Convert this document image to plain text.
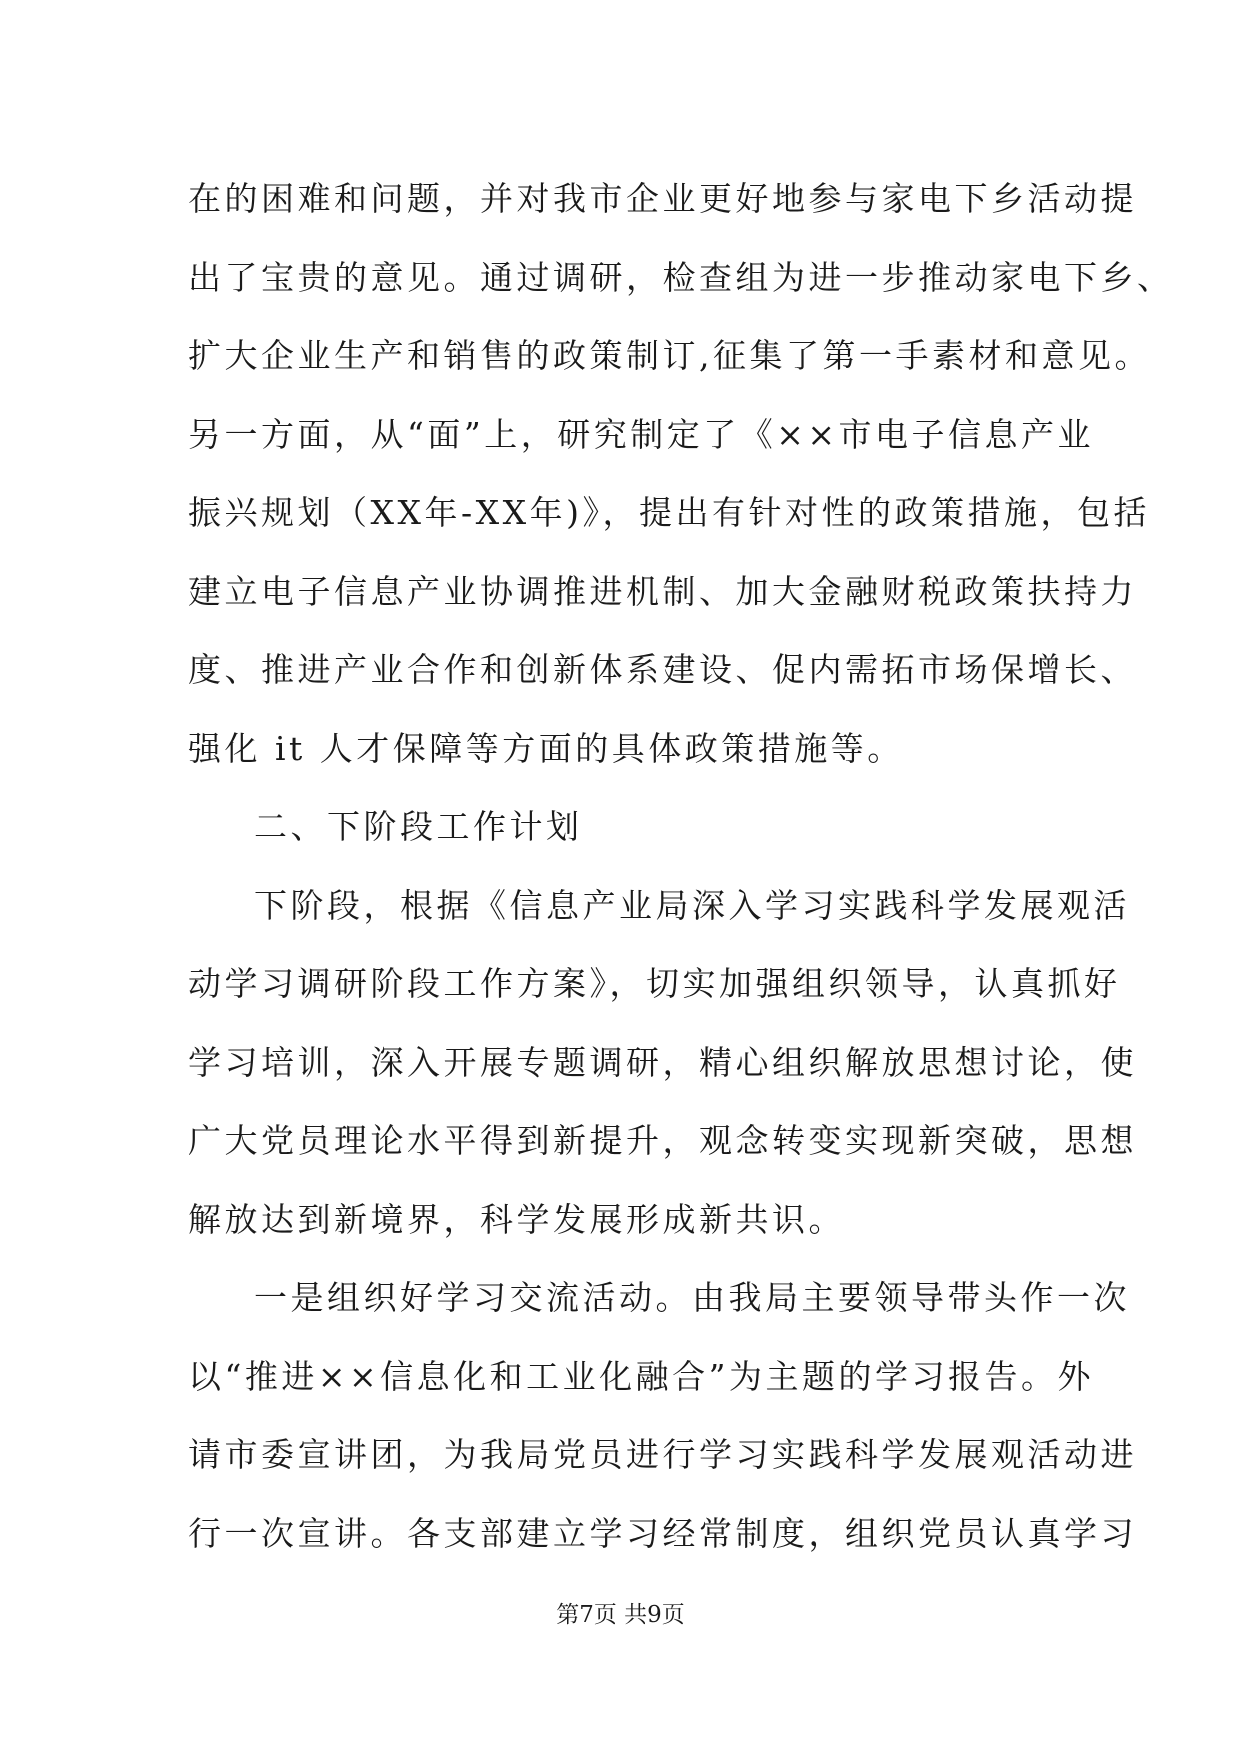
在的困难和问题，并对我市企业更好地参与家电下乡活动提
出了宝贵的意见。通过调研，检查组为进一步推动家电下乡、
扩大企业生产和销售的政策制订,征集了第一手素材和意见。
另一方面，从“面”上，研究制定了《××市电子信息产业
振兴规划（XX年-XX年)》，提出有针对性的政策措施，包括
建立电子信息产业协调推进机制、加大金融财税政策扶持力
度、推进产业合作和创新体系建设、促内需拓市场保增长、
强化 it 人才保障等方面的具体政策措施等。
二、下阶段工作计划
下阶段，根据《信息产业局深入学习实践科学发展观活
动学习调研阶段工作方案》，切实加强组织领导，认真抓好
学习培训，深入开展专题调研，精心组织解放思想讨论，使
广大党员理论水平得到新提升，观念转变实现新突破，思想
解放达到新境界，科学发展形成新共识。
一是组织好学习交流活动。由我局主要领导带头作一次
以“推进××信息化和工业化融合”为主题的学习报告。外
请市委宣讲团，为我局党员进行学习实践科学发展观活动进
行一次宣讲。各支部建立学习经常制度，组织党员认真学习
第7页 共9页
